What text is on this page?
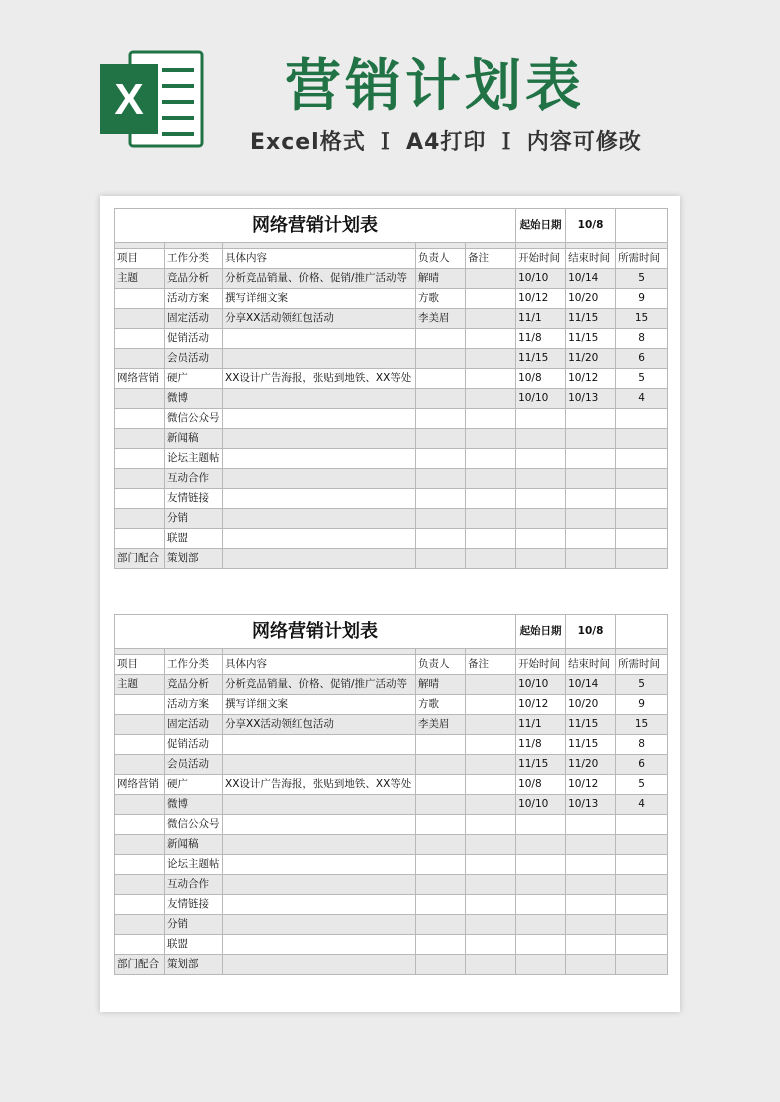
X	营销计划表
Excel格式 Ｉ A4打印 Ｉ 内容可修改
网络营销计划表					起始日期	10/8	

项目	工作分类	具体内容	负责人	备注	开始时间	结束时间	所需时间
主题	竞品分析	分析竞品销量、价格、促销/推广活动等	解晴		10/10	10/14	5
	活动方案	撰写详细文案	方歌		10/12	10/20	9
	固定活动	分享XX活动领红包活动	李美眉		11/1	11/15	15
	促销活动				11/8	11/15	8
	会员活动				11/15	11/20	6
网络营销	硬广	XX设计广告海报，张贴到地铁、XX等处			10/8	10/12	5
	微博				10/10	10/13	4
	微信公众号						
	新闻稿						
	论坛主题帖						
	互动合作						
	友情链接						
	分销						
	联盟						
部门配合	策划部						
网络营销计划表					起始日期	10/8	

项目	工作分类	具体内容	负责人	备注	开始时间	结束时间	所需时间
主题	竞品分析	分析竞品销量、价格、促销/推广活动等	解晴		10/10	10/14	5
	活动方案	撰写详细文案	方歌		10/12	10/20	9
	固定活动	分享XX活动领红包活动	李美眉		11/1	11/15	15
	促销活动				11/8	11/15	8
	会员活动				11/15	11/20	6
网络营销	硬广	XX设计广告海报，张贴到地铁、XX等处			10/8	10/12	5
	微博				10/10	10/13	4
	微信公众号						
	新闻稿						
	论坛主题帖						
	互动合作						
	友情链接						
	分销						
	联盟						
部门配合	策划部						
